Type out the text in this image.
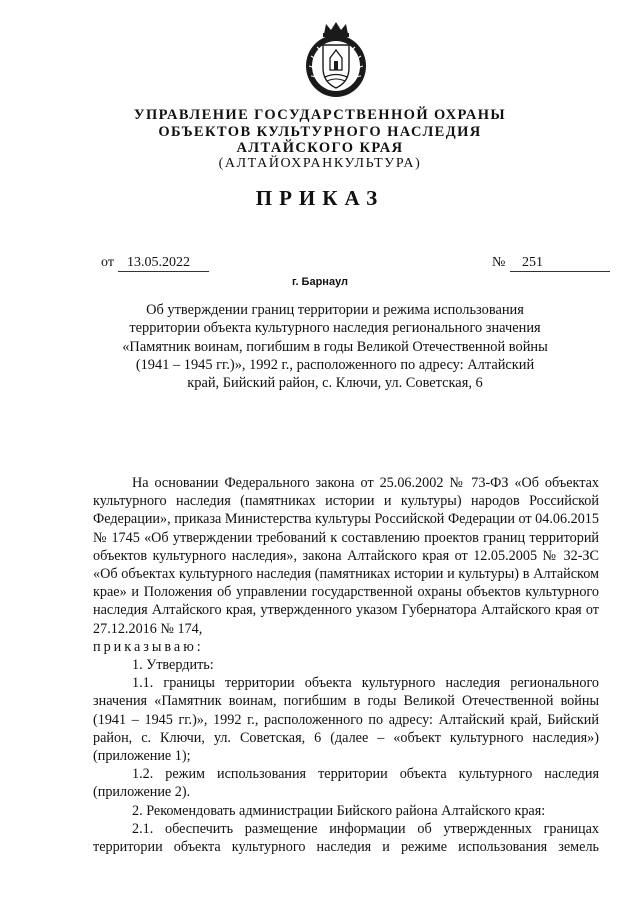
УПРАВЛЕНИЕ ГОСУДАРСТВЕННОЙ ОХРАНЫ
ОБЪЕКТОВ КУЛЬТУРНОГО НАСЛЕДИЯ
АЛТАЙСКОГО КРАЯ
(АЛТАЙОХРАНКУЛЬТУРА)
ПРИКАЗ
от 13.05.2022	№	251
г. Барнаул
Об утверждении границ территории и режима использования территории объекта культурного наследия регионального значения «Памятник воинам, погибшим в годы Великой Отечественной войны (1941 – 1945 гг.)», 1992 г., расположенного по адресу: Алтайский край, Бийский район, с. Ключи, ул. Советская, 6

На основании Федерального закона от 25.06.2002 № 73-ФЗ «Об объектах культурного наследия (памятниках истории и культуры) народов Российской Федерации», приказа Министерства культуры Российской Федерации от 04.06.2015 № 1745 «Об утверждении требований к составлению проектов границ территорий объектов культурного наследия», закона Алтайского края от 12.05.2005 № 32-ЗС «Об объектах культурного наследия (памятниках истории и культуры) в Алтайском крае» и Положения об управлении государственной охраны объектов культурного наследия Алтайского края, утвержденного указом Губернатора Алтайского края от 27.12.2016 № 174,

приказываю:

1. Утвердить:

1.1. границы территории объекта культурного наследия регионального значения «Памятник воинам, погибшим в годы Великой Отечественной войны (1941 – 1945 гг.)», 1992 г., расположенного по адресу: Алтайский край, Бийский район, с. Ключи, ул. Советская, 6 (далее – «объект культурного наследия») (приложение 1);

1.2. режим использования территории объекта культурного наследия (приложение 2).

2. Рекомендовать администрации Бийского района Алтайского края:

2.1. обеспечить размещение информации об утвержденных границах территории объекта культурного наследия и режиме использования земель
